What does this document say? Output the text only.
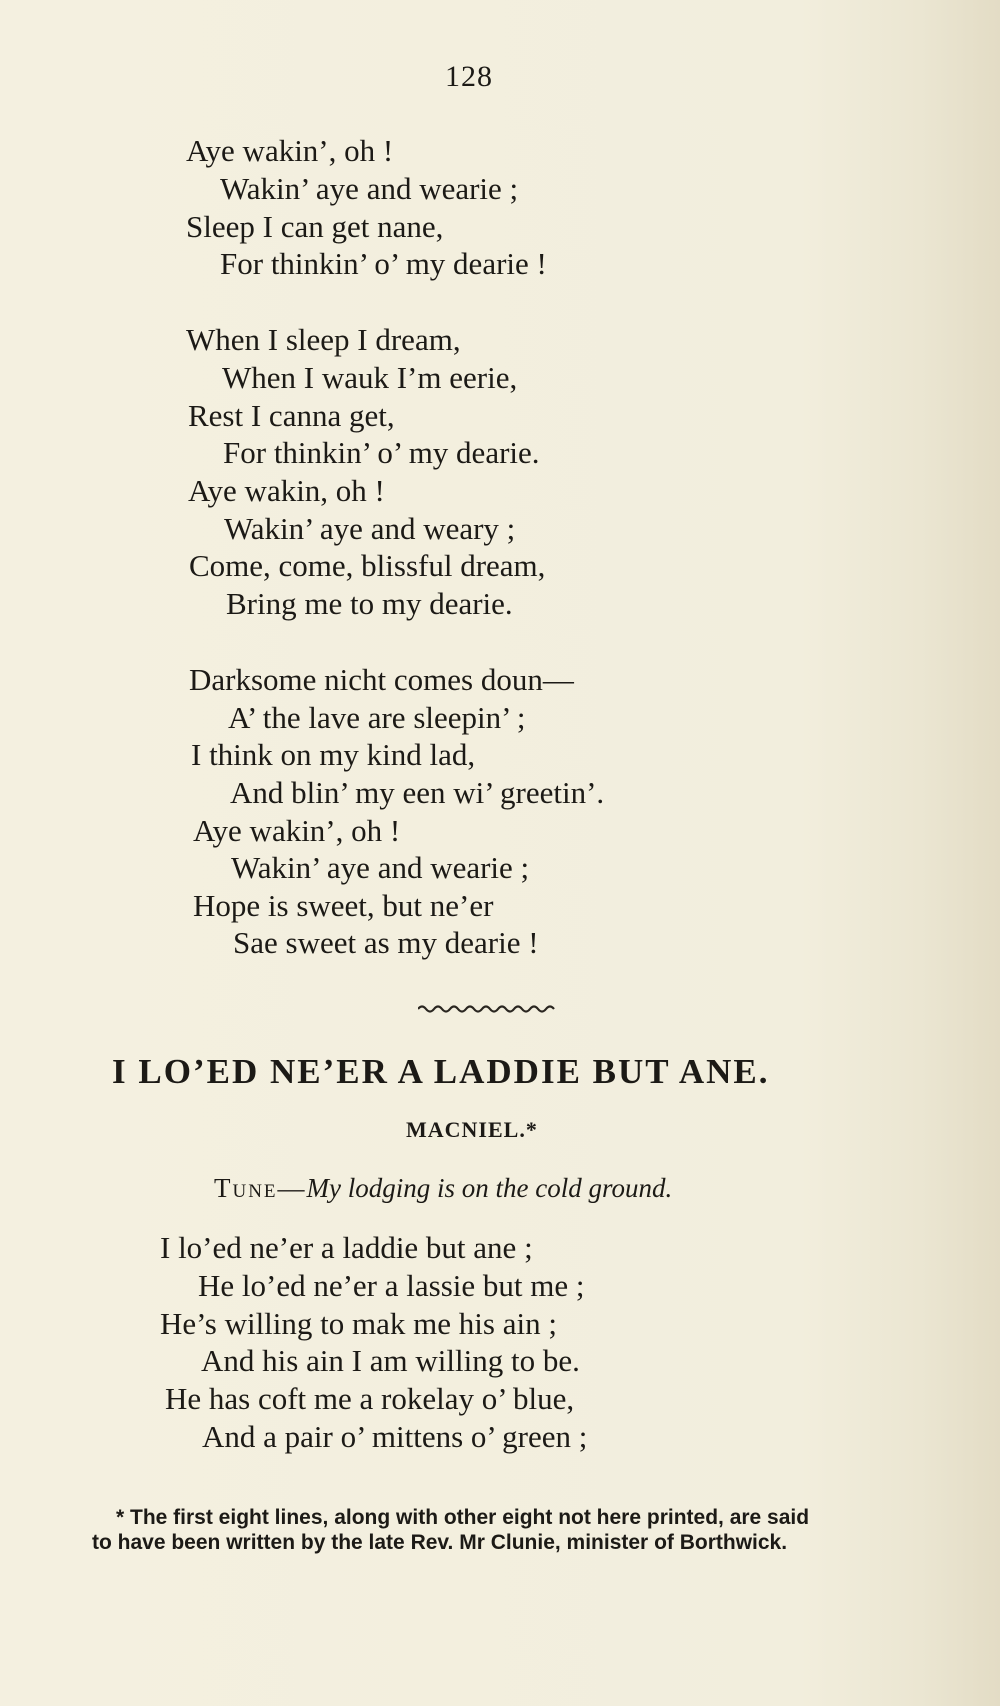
128
Aye wakin’, oh !
Wakin’ aye and wearie ;
Sleep I can get nane,
For thinkin’ o’ my dearie !
When I sleep I dream,
When I wauk I’m eerie,
Rest I canna get,
For thinkin’ o’ my dearie.
Aye wakin, oh !
Wakin’ aye and weary ;
Come, come, blissful dream,
Bring me to my dearie.
Darksome nicht comes doun—
A’ the lave are sleepin’ ;
I think on my kind lad,
And blin’ my een wi’ greetin’.
Aye wakin’, oh !
Wakin’ aye and wearie ;
Hope is sweet, but ne’er
Sae sweet as my dearie !
I LO’ED NE’ER A LADDIE BUT ANE.
MACNIEL.*
Tune—My lodging is on the cold ground.
I lo’ed ne’er a laddie but ane ;
He lo’ed ne’er a lassie but me ;
He’s willing to mak me his ain ;
And his ain I am willing to be.
He has coft me a rokelay o’ blue,
And a pair o’ mittens o’ green ;
* The first eight lines, along with other eight not here printed, are said
to have been written by the late Rev. Mr Clunie, minister of Borthwick.
